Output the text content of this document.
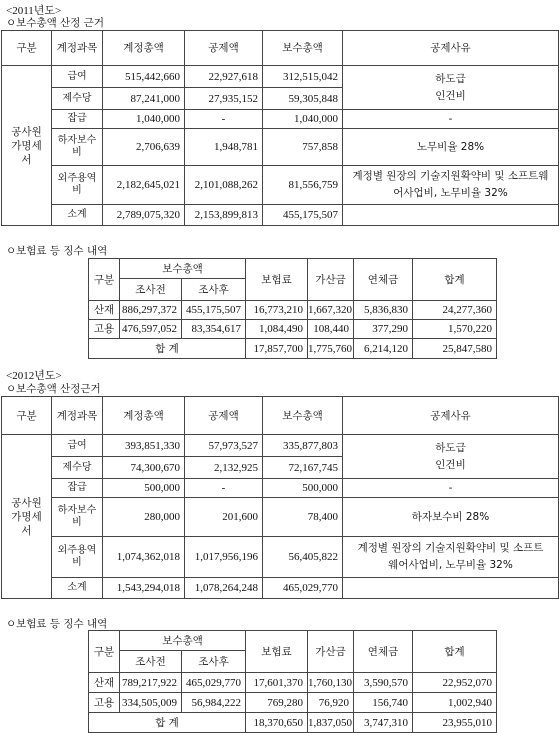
<2011년도>
ㅇ보수총액 산정 근거
구분	계정과목	계정총액	공제액	보수총액	공제사유
공사원가명세서	급여	515,442,660	22,927,618	312,515,042	하도급
인건비
	제수당	87,241,000	27,935,152	59,305,848	
	잡급	1,040,000	-	1,040,000	-
	하자보수비	2,706,639	1,948,781	757,858	노무비율 28%
	외주용역비	2,182,645,021	2,101,088,262	81,556,759	계정별 원장의 기술지원확약비 및 소프트웨어사업비, 노무비율 32%
	소계	2,789,075,320	2,153,899,813	455,175,507	
ㅇ보험료 등 징수 내역
구분	보수총액		보험료	가산금	연체금	합계
	조사전	조사후				
산재	886,297,372	455,175,507	16,773,210	1,667,320	5,836,830	24,277,360
고용	476,597,052	83,354,617	1,084,490	108,440	377,290	1,570,220
합 계			17,857,700	1,775,760	6,214,120	25,847,580
<2012년도>
ㅇ보수총액 산정근거
구분	계정과목	계정총액	공제액	보수총액	공제사유
공사원가명세서	급여	393,851,330	57,973,527	335,877,803	하도급
인건비
	제수당	74,300,670	2,132,925	72,167,745	
	잡급	500,000	-	500,000	-
	하자보수비	280,000	201,600	78,400	하자보수비 28%
	외주용역비	1,074,362,018	1,017,956,196	56,405,822	계정별 원장의 기술지원확약비 및 소프트 웨어사업비, 노무비율 32%
	소계	1,543,294,018	1,078,264,248	465,029,770	
ㅇ보험료 등 징수 내역
구분	보수총액		보험료	가산금	연체금	합계
	조사전	조사후				
산재	789,217,922	465,029,770	17,601,370	1,760,130	3,590,570	22,952,070
고용	334,505,009	56,984,222	769,280	76,920	156,740	1,002,940
합 계			18,370,650	1,837,050	3,747,310	23,955,010
